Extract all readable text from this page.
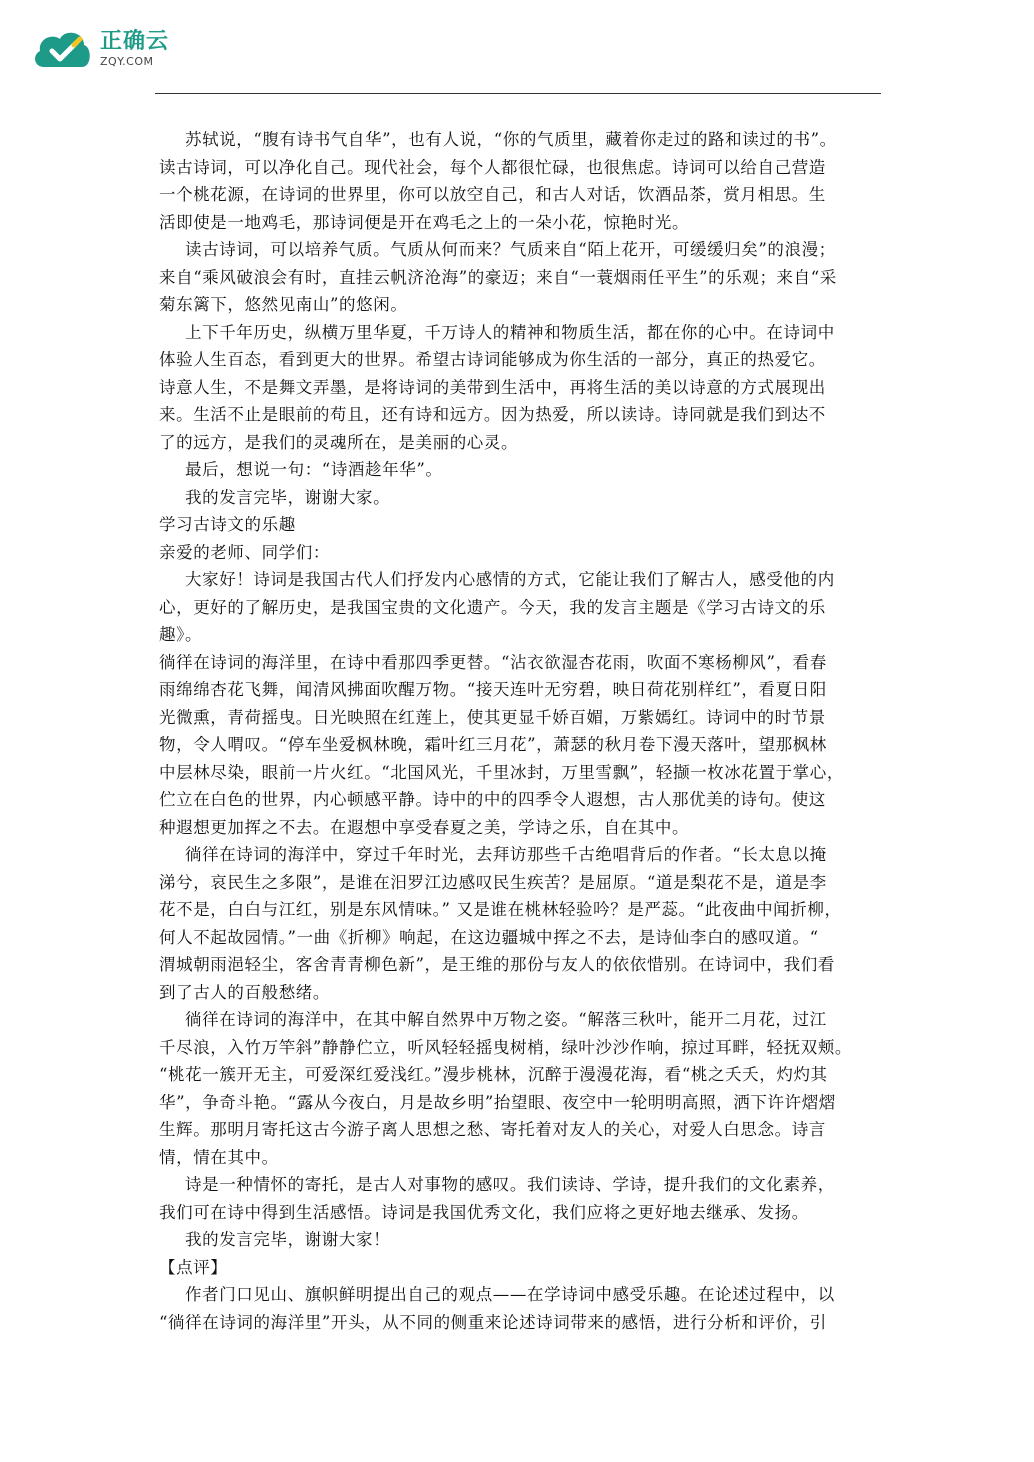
正确云
ZQY.COM
苏轼说，“腹有诗书气自华”，也有人说，“你的气质里，藏着你走过的路和读过的书”。
读古诗词，可以净化自己。现代社会，每个人都很忙碌，也很焦虑。诗词可以给自己营造
一个桃花源，在诗词的世界里，你可以放空自己，和古人对话，饮酒品茶，赏月相思。生
活即使是一地鸡毛，那诗词便是开在鸡毛之上的一朵小花，惊艳时光。
读古诗词，可以培养气质。气质从何而来？气质来自“陌上花开，可缓缓归矣”的浪漫；
来自“乘风破浪会有时，直挂云帆济沧海”的豪迈；来自“一蓑烟雨任平生”的乐观；来自“采
菊东篱下，悠然见南山”的悠闲。
上下千年历史，纵横万里华夏，千万诗人的精神和物质生活，都在你的心中。在诗词中
体验人生百态，看到更大的世界。希望古诗词能够成为你生活的一部分，真正的热爱它。
诗意人生，不是舞文弄墨，是将诗词的美带到生活中，再将生活的美以诗意的方式展现出
来。生活不止是眼前的苟且，还有诗和远方。因为热爱，所以读诗。诗同就是我们到达不
了的远方，是我们的灵魂所在，是美丽的心灵。
最后，想说一句：“诗酒趁年华”。
我的发言完毕，谢谢大家。
学习古诗文的乐趣
亲爱的老师、同学们：
大家好！诗词是我国古代人们抒发内心感情的方式，它能让我们了解古人，感受他的内
心，更好的了解历史，是我国宝贵的文化遗产。今天，我的发言主题是《学习古诗文的乐
趣》。
徜徉在诗词的海洋里，在诗中看那四季更替。“沾衣欲湿杏花雨，吹面不寒杨柳风”，看春
雨绵绵杏花飞舞，闻清风拂面吹醒万物。“接天连叶无穷碧，映日荷花别样红”，看夏日阳
光微熏，青荷摇曳。日光映照在红莲上，使其更显千娇百媚，万紫嫣红。诗词中的时节景
物，令人喟叹。“停车坐爱枫林晚，霜叶红三月花”，萧瑟的秋月卷下漫天落叶，望那枫林
中层林尽染，眼前一片火红。“北国风光，千里冰封，万里雪飘”，轻撷一枚冰花置于掌心，
伫立在白色的世界，内心顿感平静。诗中的中的四季令人遐想，古人那优美的诗句。使这
种遐想更加挥之不去。在遐想中享受春夏之美，学诗之乐，自在其中。
徜徉在诗词的海洋中，穿过千年时光，去拜访那些千古绝唱背后的作者。“长太息以掩
涕兮，哀民生之多限”，是谁在汨罗江边感叹民生疾苦？是屈原。“道是梨花不是，道是李
花不是，白白与江红，别是东风情味。” 又是谁在桃林轻验吟？是严蕊。“此夜曲中闻折柳，
何人不起故园情。”一曲《折柳》响起，在这边疆城中挥之不去，是诗仙李白的感叹道。“
渭城朝雨浥轻尘，客舍青青柳色新”，是王维的那份与友人的依依惜别。在诗词中，我们看
到了古人的百般愁绪。
徜徉在诗词的海洋中，在其中解自然界中万物之姿。“解落三秋叶，能开二月花，过江
千尽浪，入竹万竿斜”静静伫立，听风轻轻摇曳树梢，绿叶沙沙作响，掠过耳畔，轻抚双颊。
“桃花一簇开无主，可爱深红爱浅红。”漫步桃林，沉醉于漫漫花海，看“桃之夭夭，灼灼其
华”，争奇斗艳。“露从今夜白，月是故乡明”抬望眼、夜空中一轮明明高照，洒下许许熠熠
生辉。那明月寄托这古今游子离人思想之愁、寄托着对友人的关心，对爱人白思念。诗言
情，情在其中。
诗是一种情怀的寄托，是古人对事物的感叹。我们读诗、学诗，提升我们的文化素养，
我们可在诗中得到生活感悟。诗词是我国优秀文化，我们应将之更好地去继承、发扬。
我的发言完毕，谢谢大家！
【点评】
作者门口见山、旗帜鲜明提出自己的观点——在学诗词中感受乐趣。在论述过程中，以
“徜徉在诗词的海洋里”开头，从不同的侧重来论述诗词带来的感悟，进行分析和评价，引
